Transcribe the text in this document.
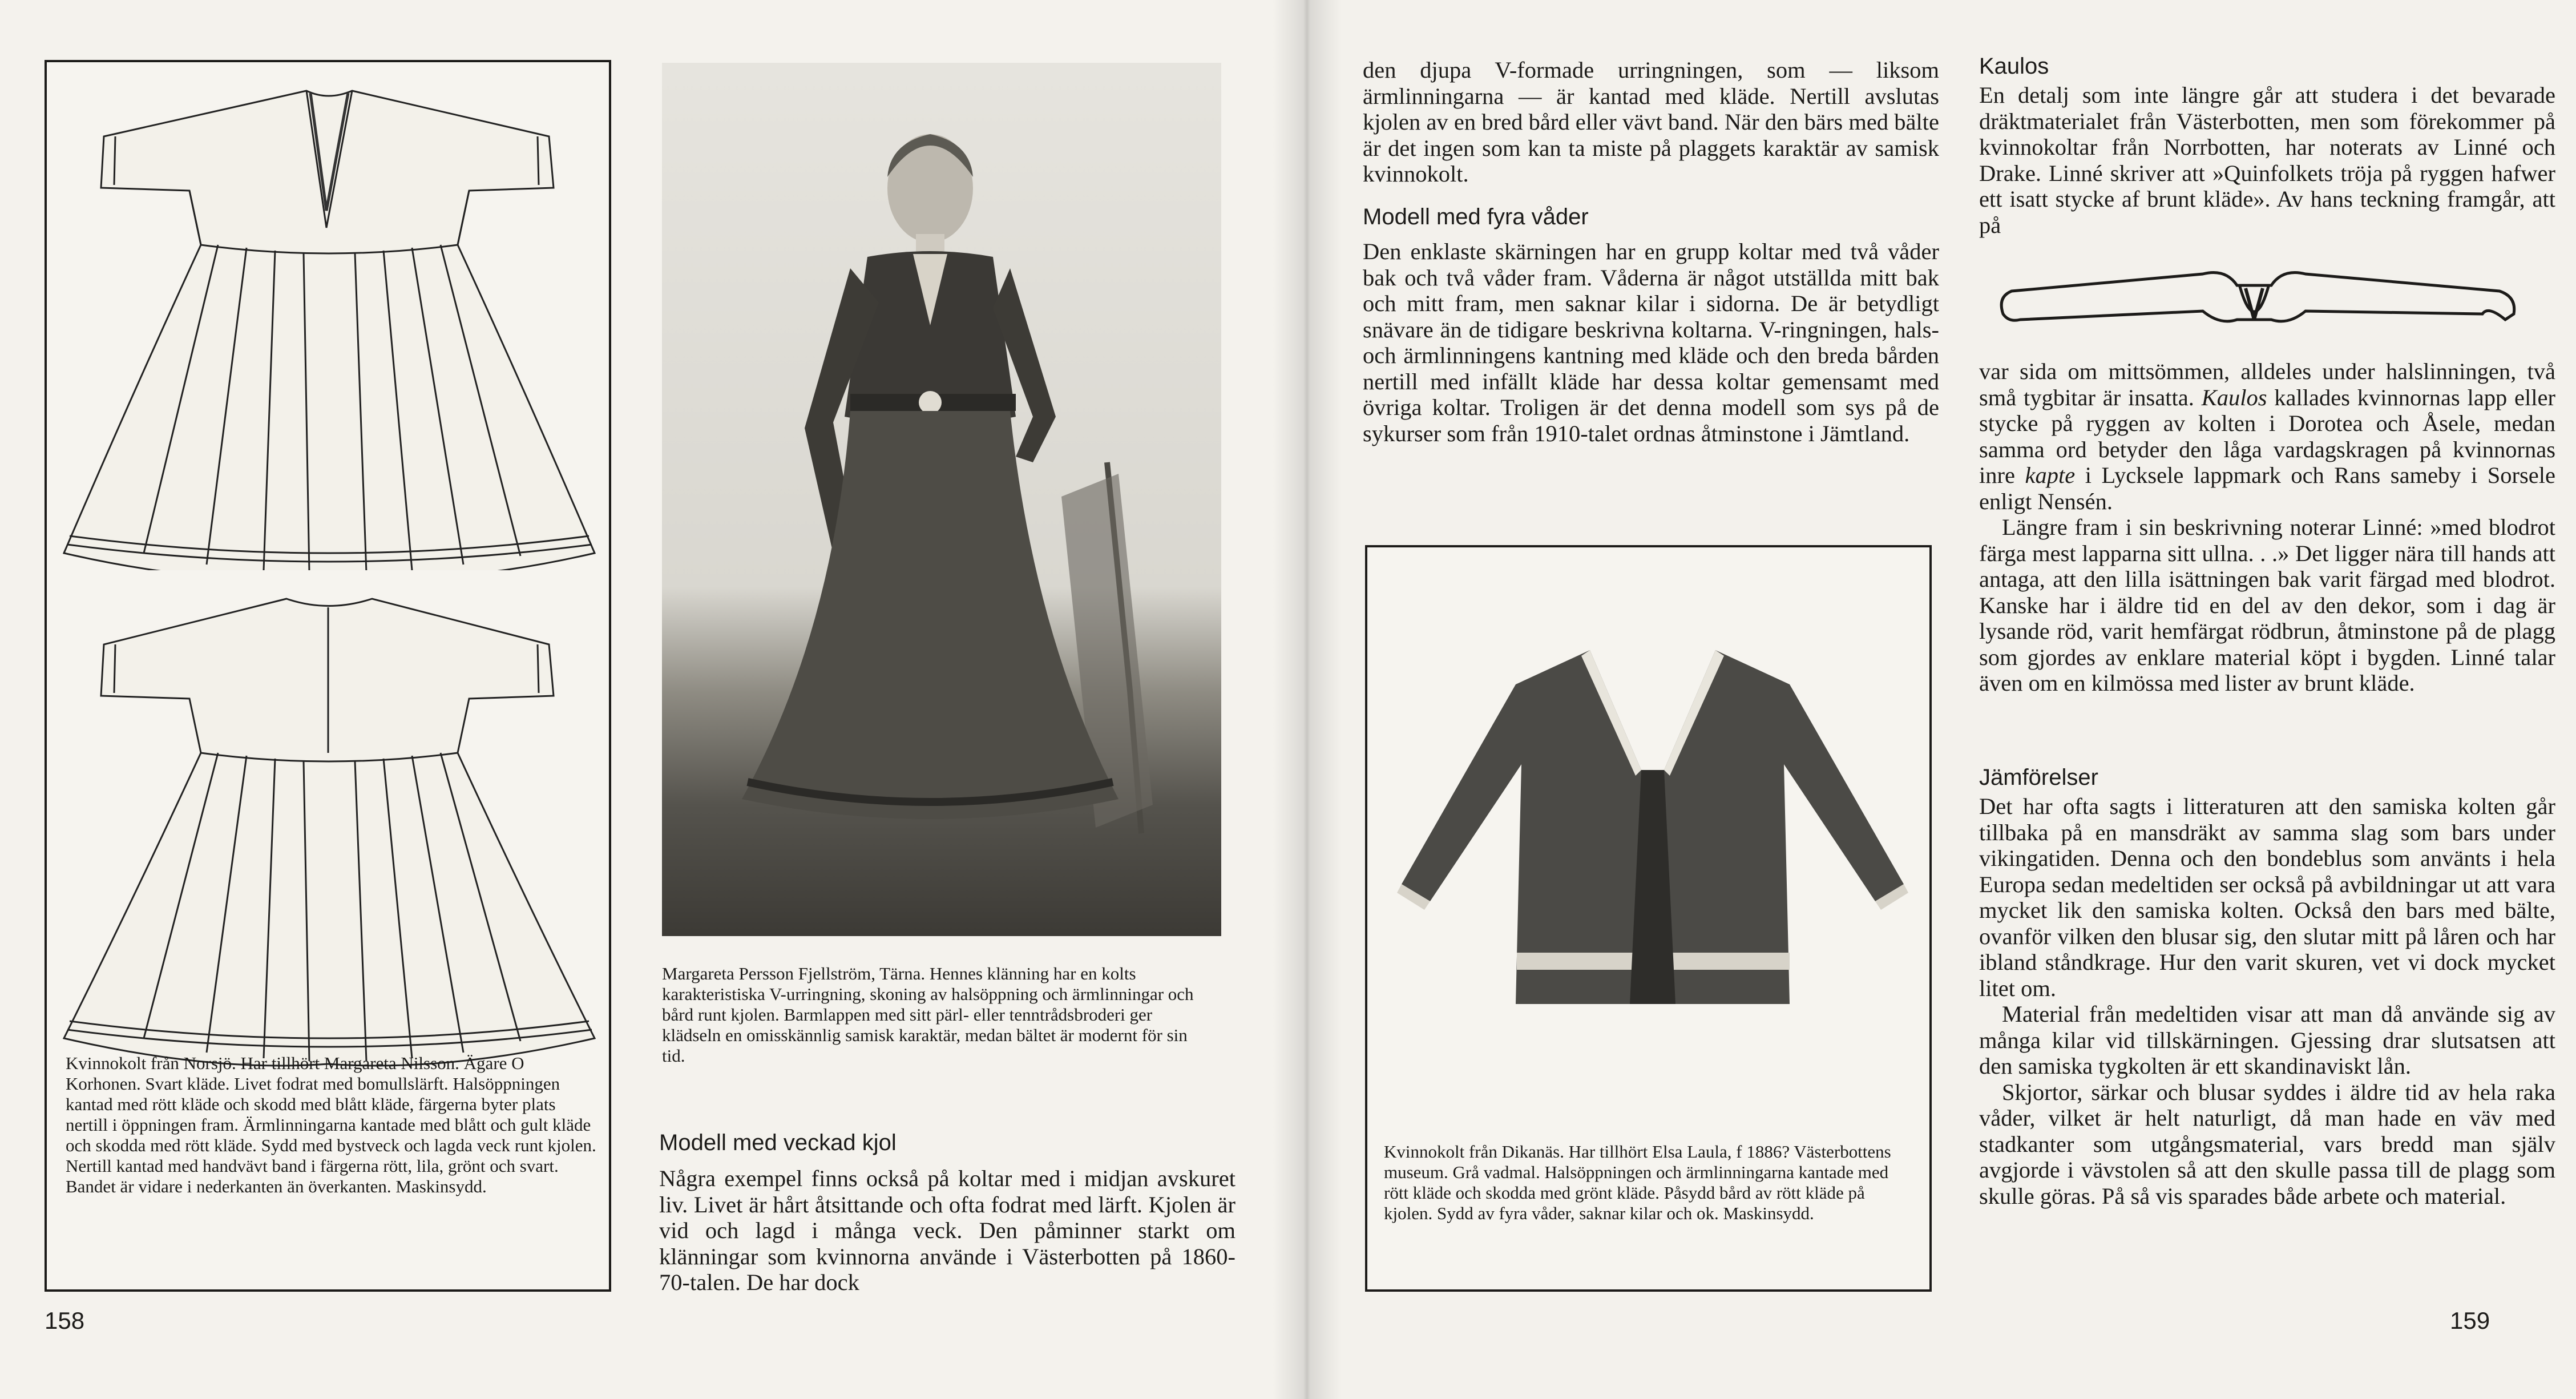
Kvinnokolt från Norsjö. Har tillhört Margareta Nilsson. Ägare O Korhonen. Svart kläde. Livet fodrat med bomullslärft. Halsöppningen kantad med rött kläde och skodd med blått kläde, färgerna byter plats nertill i öppningen fram. Ärmlinningarna kantade med blått och gult kläde och skodda med rött kläde. Sydd med bystveck och lagda veck runt kjolen. Nertill kantad med handvävt band i färgerna rött, lila, grönt och svart. Bandet är vidare i nederkanten än överkanten. Maskinsydd.
Margareta Persson Fjellström, Tärna. Hennes klänning har en kolts karakteristiska V-urringning, skoning av halsöppning och ärmlinningar och bård runt kjolen. Barmlappen med sitt pärl- eller tenntrådsbroderi ger klädseln en omisskännlig samisk karaktär, medan bältet är modernt för sin tid.
Modell med veckad kjol

Några exempel finns också på koltar med i midjan avskuret liv. Livet är hårt åtsittande och ofta fodrat med lärft. Kjolen är vid och lagd i många veck. Den påminner starkt om klänningar som kvinnorna använde i Västerbotten på 1860-70-talen. De har dock

158

den djupa V-formade urringningen, som — liksom ärmlinningarna — är kantad med kläde. Nertill avslutas kjolen av en bred bård eller vävt band. När den bärs med bälte är det ingen som kan ta miste på plaggets karaktär av samisk kvinnokolt.

Modell med fyra våder

Den enklaste skärningen har en grupp koltar med två våder bak och två våder fram. Våderna är något utställda mitt bak och mitt fram, men saknar kilar i sidorna. De är betydligt snävare än de tidigare beskrivna koltarna. V-ringningen, hals- och ärmlinningens kantning med kläde och den breda bården nertill med infällt kläde har dessa koltar gemensamt med övriga koltar. Troligen är det denna modell som sys på de sykurser som från 1910-talet ordnas åtminstone i Jämtland.

Kvinnokolt från Dikanäs. Har tillhört Elsa Laula, f 1886? Västerbottens museum. Grå vadmal. Halsöppningen och ärmlinningarna kantade med rött kläde och skodda med grönt kläde. Påsydd bård av rött kläde på kjolen. Sydd av fyra våder, saknar kilar och ok. Maskinsydd.
Kaulos

En detalj som inte längre går att studera i det bevarade dräktmaterialet från Västerbotten, men som förekommer på kvinnokoltar från Norrbotten, har noterats av Linné och Drake. Linné skriver att »Quinfolkets tröja på ryggen hafwer ett isatt stycke af brunt kläde». Av hans teckning framgår, att på

var sida om mittsömmen, alldeles under halslinningen, två små tygbitar är insatta. Kaulos kallades kvinnornas lapp eller stycke på ryggen av kolten i Dorotea och Åsele, medan samma ord betyder den låga vardagskragen på kvinnornas inre kapte i Lycksele lappmark och Rans sameby i Sorsele enligt Nensén.

Längre fram i sin beskrivning noterar Linné: »med blodrot färga mest lapparna sitt ullna. . .» Det ligger nära till hands att antaga, att den lilla isättningen bak varit färgad med blodrot. Kanske har i äldre tid en del av den dekor, som i dag är lysande röd, varit hemfärgat rödbrun, åtminstone på de plagg som gjordes av enklare material köpt i bygden. Linné talar även om en kilmössa med lister av brunt kläde.

Jämförelser

Det har ofta sagts i litteraturen att den samiska kolten går tillbaka på en mansdräkt av samma slag som bars under vikingatiden. Denna och den bondeblus som använts i hela Europa sedan medeltiden ser också på avbildningar ut att vara mycket lik den samiska kolten. Också den bars med bälte, ovanför vilken den blusar sig, den slutar mitt på låren och har ibland ståndkrage. Hur den varit skuren, vet vi dock mycket litet om.

Material från medeltiden visar att man då använde sig av många kilar vid tillskärningen. Gjessing drar slutsatsen att den samiska tygkolten är ett skandinaviskt lån.

Skjortor, särkar och blusar syddes i äldre tid av hela raka våder, vilket är helt naturligt, då man hade en väv med stadkanter som utgångsmaterial, vars bredd man själv avgjorde i vävstolen så att den skulle passa till de plagg som skulle göras. På så vis sparades både arbete och material.

159
